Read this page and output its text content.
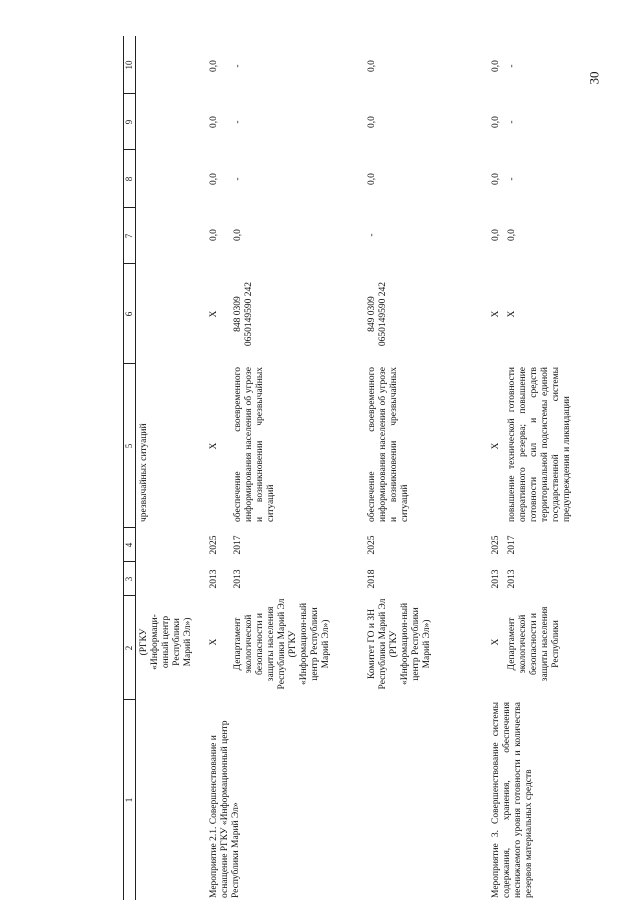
30
1
2
3
4
5
6
7
8
9
10
(РГКУ «Информаци-онный центр Республики Марий Эл»)
чрезвычайных ситуаций
Мероприятие 2.1. Совершенствование и оснащение РГКУ «Информационный центр Республики Марий Эл»
X
2013
2025
X
X
0,0
0,0
0,0
0,0
Департамент экологической безопасности и защиты населения Республики Марий Эл (РГКУ «Информацион-ный центр Республики Марий Эл»)
2013
2017
обеспечение своевременного информирования населения об угрозе и возникновении чрезвычайных ситуаций
848 0309 0650149590 242
0,0
-
-
-
Комитет ГО и ЗН Республики Марий Эл (РГКУ «Информацион-ный центр Республики Марий Эл»)
2018
2025
обеспечение своевременного информирования населения об угрозе и возникновении чрезвычайных ситуаций
849 0309 0650149590 242
-
0,0
0,0
0,0
Мероприятие 3. Совершенствование системы содержания, хранения, обеспечения неснижаемого уровня готовности и количества резервов материальных средств
X
2013
2025
X
X
0,0
0,0
0,0
0,0
Департамент экологической безопасности и защиты населения Республики
2013
2017
повышение технической готовности оперативного резерва; повышение готовности сил и средств территориальной подсистемы единой государственной системы предупреждения и ликвидации
X
0,0
-
-
-
